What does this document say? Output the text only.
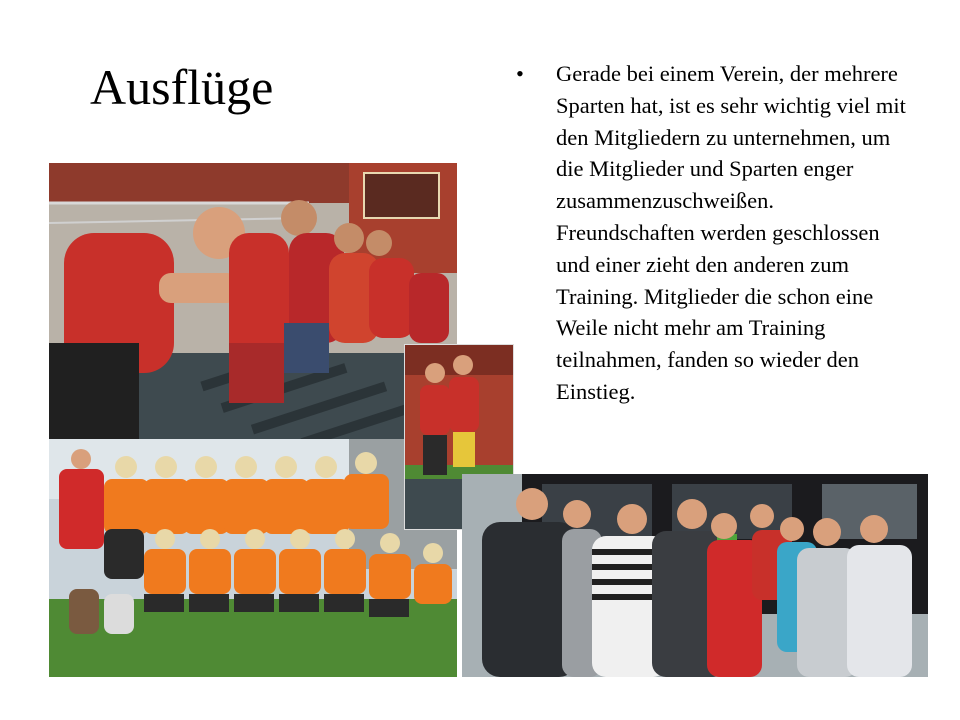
Ausflüge	• Gerade bei einem Verein, der mehrere Sparten hat, ist es sehr wichtig viel mit den Mitgliedern zu unternehmen, um die Mitglieder und Sparten enger zusammenzuschweißen. Freundschaften werden geschlossen und einer zieht den anderen zum Training. Mitglieder die schon eine Weile nicht mehr am Training teilnahmen, fanden so wieder den Einstieg.
